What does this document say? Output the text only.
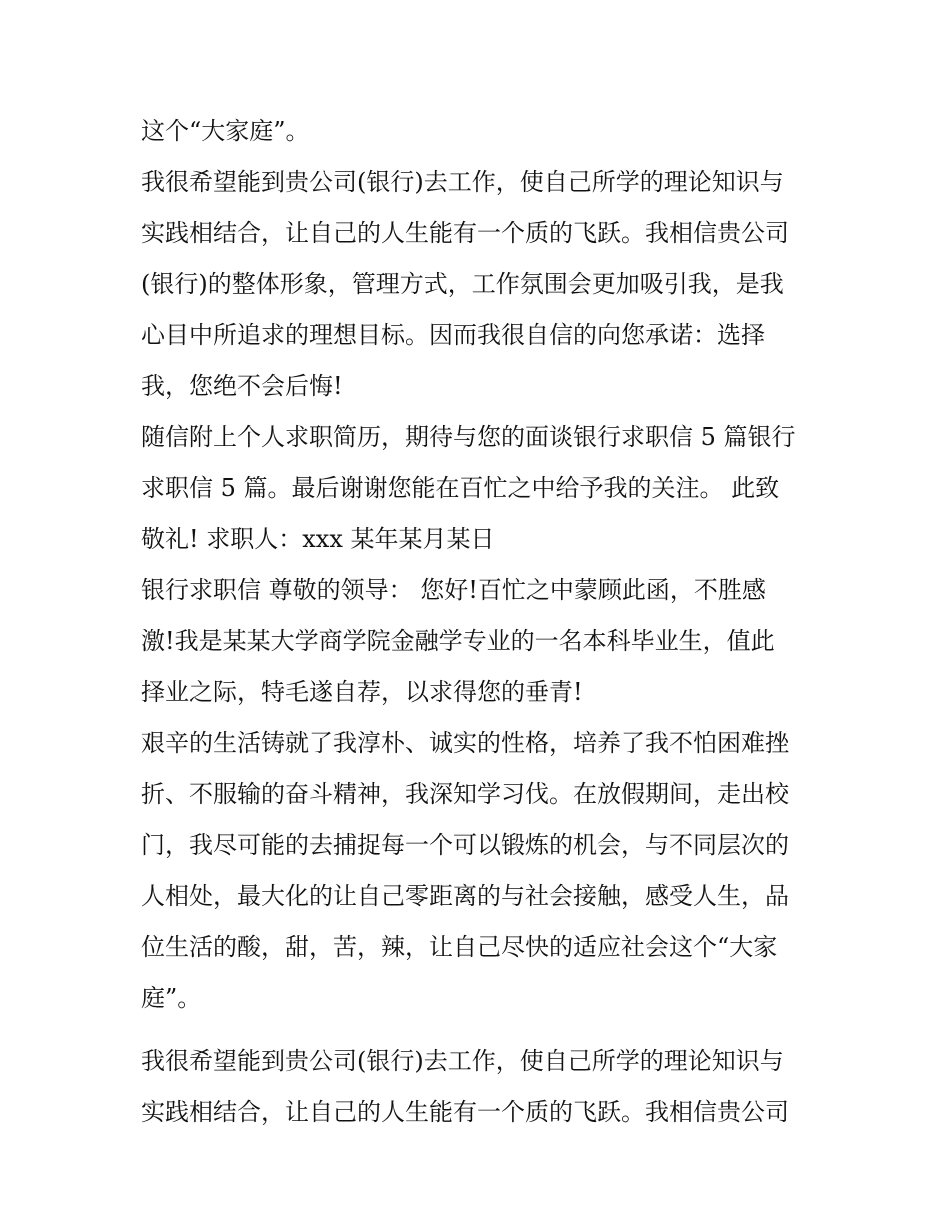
这个“大家庭”。
我很希望能到贵公司(银行)去工作，使自己所学的理论知识与
实践相结合，让自己的人生能有一个质的飞跃。我相信贵公司
(银行)的整体形象，管理方式，工作氛围会更加吸引我，是我
心目中所追求的理想目标。因而我很自信的向您承诺：选择
我，您绝不会后悔!
随信附上个人求职简历，期待与您的面谈银行求职信 5 篇银行
求职信 5 篇。最后谢谢您能在百忙之中给予我的关注。 此致
敬礼! 求职人：xxx 某年某月某日
银行求职信 尊敬的领导： 您好!百忙之中蒙顾此函，不胜感
激!我是某某大学商学院金融学专业的一名本科毕业生，值此
择业之际，特毛遂自荐，以求得您的垂青!
艰辛的生活铸就了我淳朴、诚实的性格，培养了我不怕困难挫
折、不服输的奋斗精神，我深知学习伐。在放假期间，走出校
门，我尽可能的去捕捉每一个可以锻炼的机会，与不同层次的
人相处，最大化的让自己零距离的与社会接触，感受人生，品
位生活的酸，甜，苦，辣，让自己尽快的适应社会这个“大家
庭”。
我很希望能到贵公司(银行)去工作，使自己所学的理论知识与
实践相结合，让自己的人生能有一个质的飞跃。我相信贵公司
